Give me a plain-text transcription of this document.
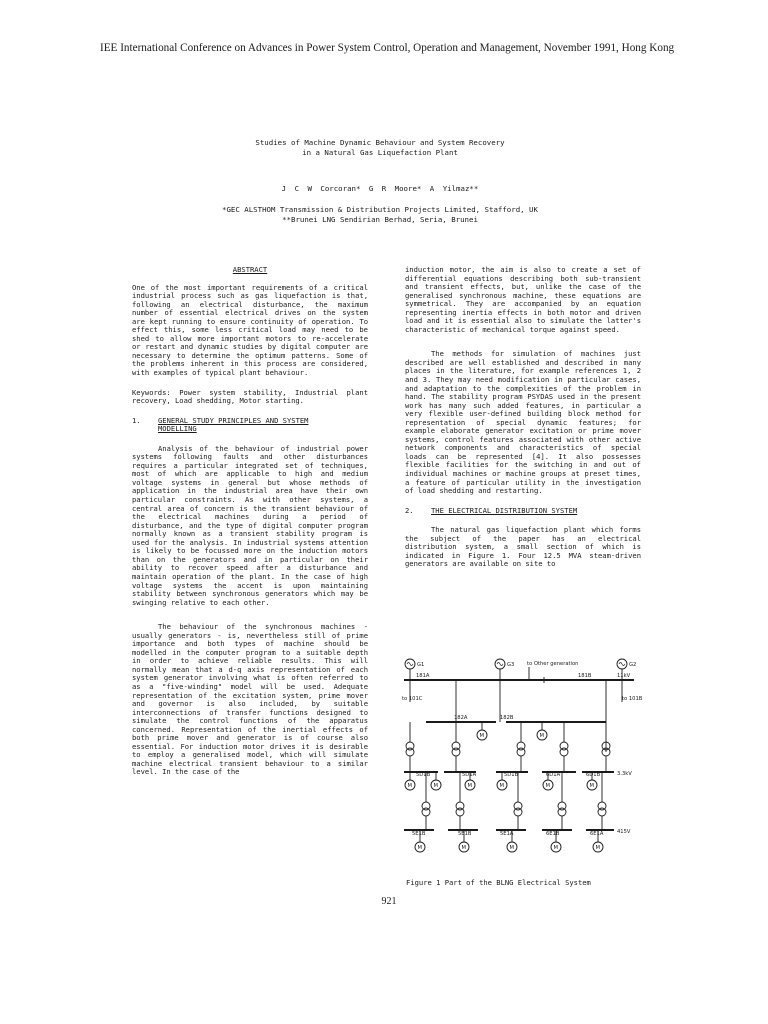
IEE International Conference on Advances in Power System Control, Operation and Management, November 1991, Hong Kong
Studies of Machine Dynamic Behaviour and System Recovery
in a Natural Gas Liquefaction Plant
J C W Corcoran* G R Moore* A Yilmaz**
*GEC ALSTHOM Transmission & Distribution Projects Limited, Stafford, UK
**Brunei LNG Sendirian Berhad, Seria, Brunei
ABSTRACT

One of the most important requirements of a critical industrial process such as gas liquefaction is that, following an electrical disturbance, the maximum number of essential electrical drives on the system are kept running to ensure continuity of operation. To effect this, some less critical load may need to be shed to allow more important motors to re-accelerate or restart and dynamic studies by digital computer are necessary to determine the optimum patterns. Some of the problems inherent in this process are considered, with examples of typical plant behaviour.

Keywords: Power system stability, Industrial plant recovery, Load shedding, Motor starting.

1.	GENERAL STUDY PRINCIPLES AND SYSTEM
MODELLING

Analysis of the behaviour of industrial power systems following faults and other disturbances requires a particular integrated set of techniques, most of which are applicable to high and medium voltage systems in general but whose methods of application in the industrial area have their own particular constraints. As with other systems, a central area of concern is the transient behaviour of the electrical machines during a period of disturbance, and the type of digital computer program normally known as a transient stability program is used for the analysis. In industrial systems attention is likely to be focussed more on the induction motors than on the generators and in particular on their ability to recover speed after a disturbance and maintain operation of the plant. In the case of high voltage systems the accent is upon maintaining stability between synchronous generators which may be swinging relative to each other.

The behaviour of the synchronous machines - usually generators - is, nevertheless still of prime importance and both types of machine should be modelled in the computer program to a suitable depth in order to achieve reliable results. This will normally mean that a d-q axis representation of each system generator involving what is often referred to as a "five-winding" model will be used. Adequate representation of the excitation system, prime mover and governor is also included, by suitable interconnections of transfer functions designed to simulate the control functions of the apparatus concerned. Representation of the inertial effects of both prime mover and generator is of course also essential. For induction motor drives it is desirable to employ a generalised model, which will simulate machine electrical transient behaviour to a similar level. In the case of the

induction motor, the aim is also to create a set of differential equations describing both sub-transient and transient effects, but, unlike the case of the generalised synchronous machine, these equations are symmetrical. They are accompanied by an equation representing inertia effects in both motor and driven load and it is essential also to simulate the latter's characteristic of mechanical torque against speed.

The methods for simulation of machines just described are well established and described in many places in the literature, for example references 1, 2 and 3. They may need modification in particular cases, and adaptation to the complexities of the problem in hand. The stability program PSYDAS used in the present work has many such added features, in particular a very flexible user-defined building block method for representation of special dynamic features; for example elaborate generator excitation or prime mover systems, control features associated with other active network components and characteristics of special loads can be represented [4]. It also possesses flexible facilities for the switching in and out of individual machines or machine groups at preset times, a feature of particular utility in the investigation of load shedding and restarting.

2.	THE ELECTRICAL DISTRIBUTION SYSTEM

The natural gas liquefaction plant which forms the subject of the paper has an electrical distribution system, a small section of which is indicated in Figure 1. Four 12.5 MVA steam-driven generators are available on site to

G1	G3 to Other generation	G2
181A	181B	11kV
to 101C	to 101B
182A	182B
M	M
5D1B	5D1A	5D1B	6D1A	6D1B	3.3kV
M	M	M	M	M	M
5E1B	5E1B	5E1A	6E1B	6E1A	415V
M	M	M	M	M
Figure 1 Part of the BLNG Electrical System
921
